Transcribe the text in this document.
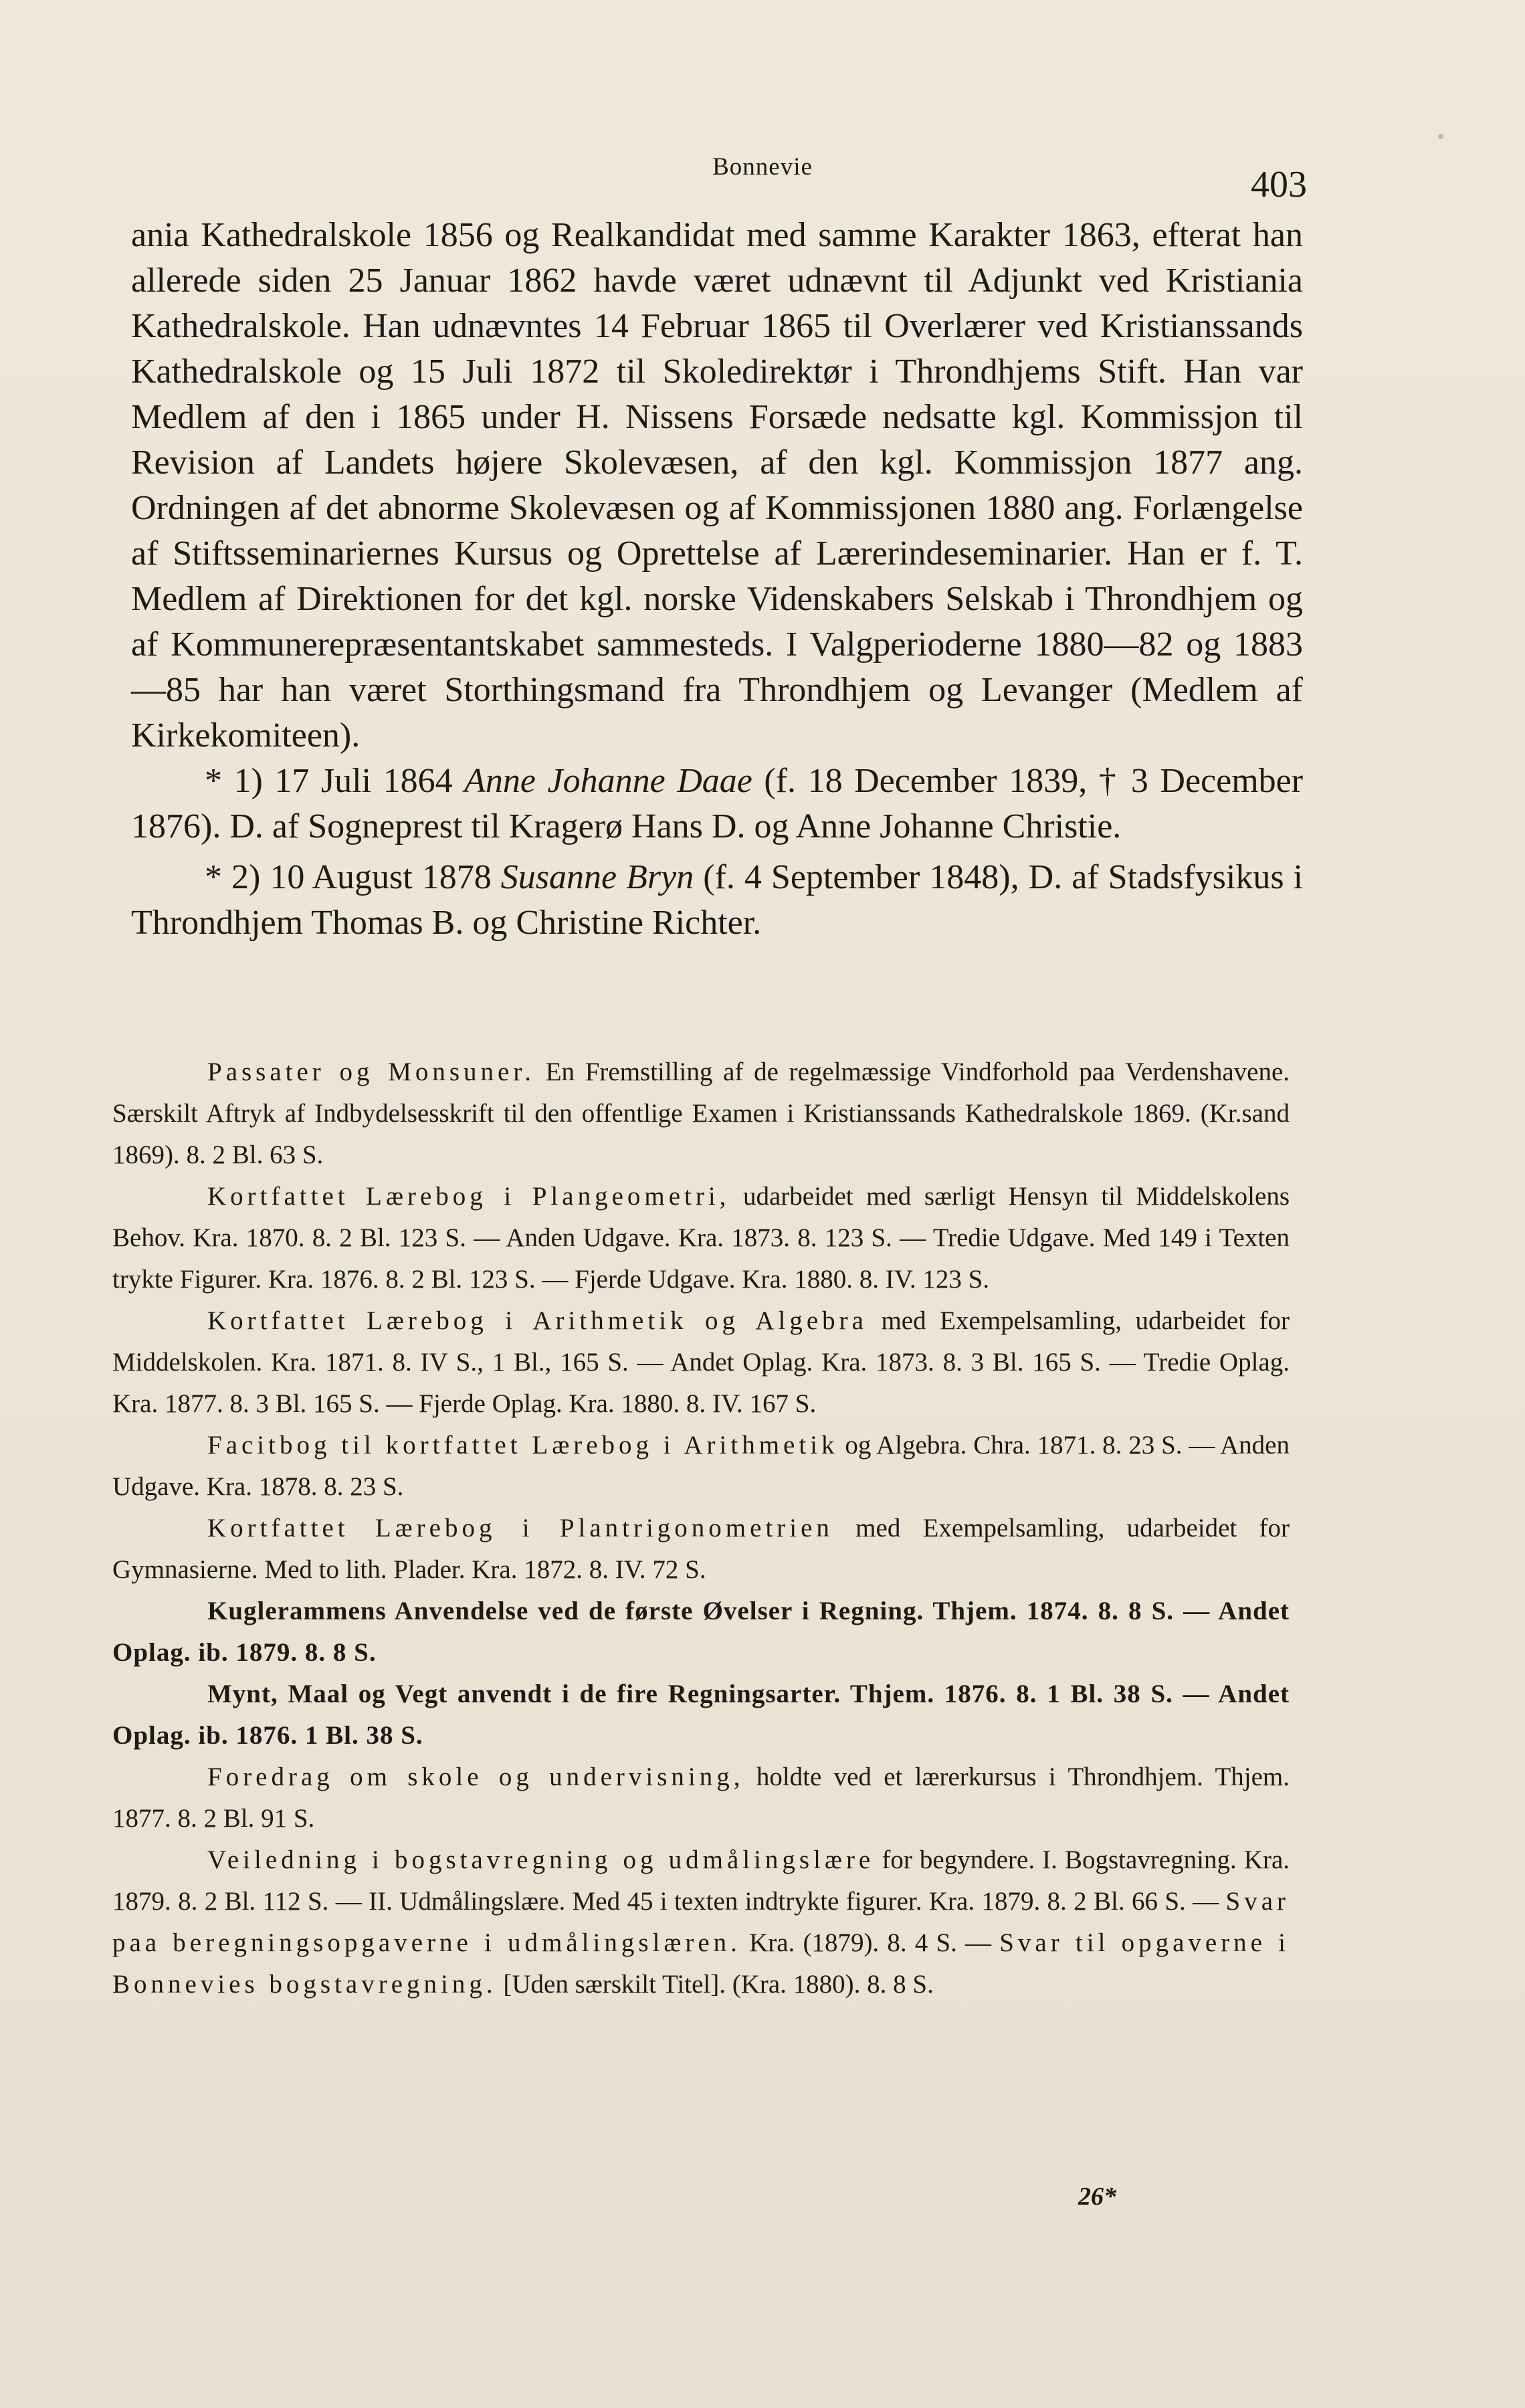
Bonnevie	403

ania Kathedralskole 1856 og Realkandidat med samme Karakter 1863, efterat han allerede siden 25 Januar 1862 havde været udnævnt til Adjunkt ved Kristiania Kathedralskole. Han udnævntes 14 Februar 1865 til Overlærer ved Kristianssands Kathedralskole og 15 Juli 1872 til Skoledirektør i Throndhjems Stift. Han var Medlem af den i 1865 under H. Nissens Forsæde nedsatte kgl. Kommissjon til Revision af Landets højere Skolevæsen, af den kgl. Kommissjon 1877 ang. Ordningen af det abnorme Skolevæsen og af Kommissjonen 1880 ang. Forlængelse af Stiftsseminariernes Kursus og Oprettelse af Lærerindeseminarier. Han er f. T. Medlem af Direktionen for det kgl. norske Videnskabers Selskab i Throndhjem og af Kommunerepræsentantskabet sammesteds. I Valgperioderne 1880—82 og 1883—85 har han været Storthingsmand fra Throndhjem og Levanger (Medlem af Kirkekomiteen).

* 1) 17 Juli 1864 Anne Johanne Daae (f. 18 December 1839, † 3 December 1876). D. af Sogneprest til Kragerø Hans D. og Anne Johanne Christie.

* 2) 10 August 1878 Susanne Bryn (f. 4 September 1848), D. af Stadsfysikus i Throndhjem Thomas B. og Christine Richter.

Passater og Monsuner. En Fremstilling af de regelmæssige Vindforhold paa Verdenshavene. Særskilt Aftryk af Indbydelsesskrift til den offentlige Examen i Kristianssands Kathedralskole 1869. (Kr.sand 1869). 8. 2 Bl. 63 S.

Kortfattet Lærebog i Plangeometri, udarbeidet med særligt Hensyn til Middelskolens Behov. Kra. 1870. 8. 2 Bl. 123 S. — Anden Udgave. Kra. 1873. 8. 123 S. — Tredie Udgave. Med 149 i Texten trykte Figurer. Kra. 1876. 8. 2 Bl. 123 S. — Fjerde Udgave. Kra. 1880. 8. IV. 123 S.

Kortfattet Lærebog i Arithmetik og Algebra med Exempelsamling, udarbeidet for Middelskolen. Kra. 1871. 8. IV S., 1 Bl., 165 S. — Andet Oplag. Kra. 1873. 8. 3 Bl. 165 S. — Tredie Oplag. Kra. 1877. 8. 3 Bl. 165 S. — Fjerde Oplag. Kra. 1880. 8. IV. 167 S.

Facitbog til kortfattet Lærebog i Arithmetik og Algebra. Chra. 1871. 8. 23 S. — Anden Udgave. Kra. 1878. 8. 23 S.

Kortfattet Lærebog i Plantrigonometrien med Exempelsamling, udarbeidet for Gymnasierne. Med to lith. Plader. Kra. 1872. 8. IV. 72 S.

Kuglerammens Anvendelse ved de første Øvelser i Regning. Thjem. 1874. 8. 8 S. — Andet Oplag. ib. 1879. 8. 8 S.

Mynt, Maal og Vegt anvendt i de fire Regningsarter. Thjem. 1876. 8. 1 Bl. 38 S. — Andet Oplag. ib. 1876. 1 Bl. 38 S.

Foredrag om skole og undervisning, holdte ved et lærerkursus i Throndhjem. Thjem. 1877. 8. 2 Bl. 91 S.

Veiledning i bogstavregning og udmålingslære for begyndere. I. Bogstavregning. Kra. 1879. 8. 2 Bl. 112 S. — II. Udmålingslære. Med 45 i texten indtrykte figurer. Kra. 1879. 8. 2 Bl. 66 S. — Svar paa beregningsopgaverne i udmålingslæren. Kra. (1879). 8. 4 S. — Svar til opgaverne i Bonnevies bogstavregning. [Uden særskilt Titel]. (Kra. 1880). 8. 8 S.

26*
